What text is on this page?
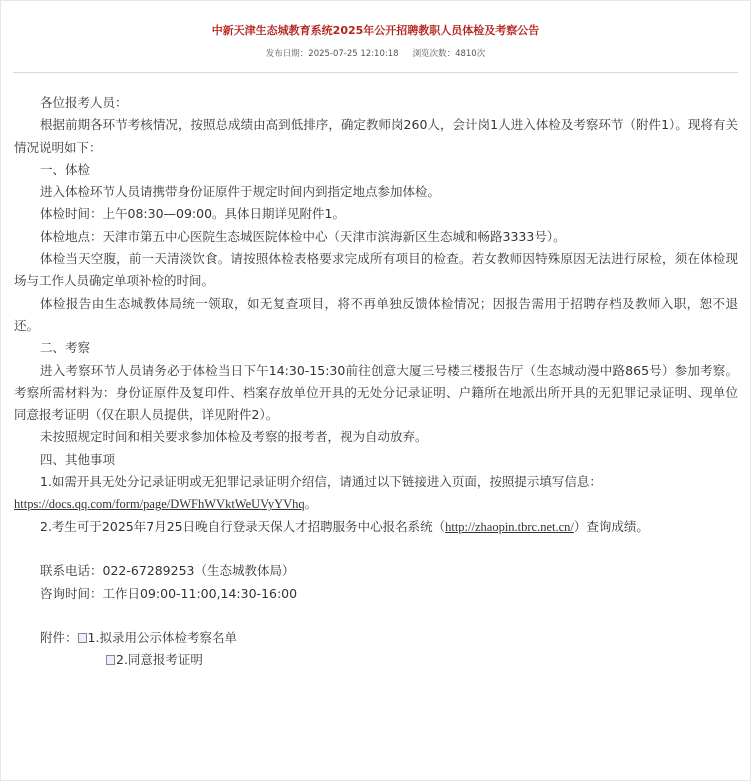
中新天津生态城教育系统2025年公开招聘教职人员体检及考察公告
发布日期：2025-07-25 12:10:18 浏览次数：4810次

各位报考人员：

根据前期各环节考核情况，按照总成绩由高到低排序，确定教师岗260人，会计岗1人进入体检及考察环节（附件1）。现将有关情况说明如下：

一、体检

进入体检环节人员请携带身份证原件于规定时间内到指定地点参加体检。

体检时间：上午08:30—09:00。具体日期详见附件1。

体检地点：天津市第五中心医院生态城医院体检中心（天津市滨海新区生态城和畅路3333号）。

体检当天空腹，前一天清淡饮食。请按照体检表格要求完成所有项目的检查。若女教师因特殊原因无法进行尿检，须在体检现场与工作人员确定单项补检的时间。

体检报告由生态城教体局统一领取，如无复查项目，将不再单独反馈体检情况；因报告需用于招聘存档及教师入职，恕不退还。

二、考察

进入考察环节人员请务必于体检当日下午14:30-15:30前往创意大厦三号楼三楼报告厅（生态城动漫中路865号）参加考察。考察所需材料为：身份证原件及复印件、档案存放单位开具的无处分记录证明、户籍所在地派出所开具的无犯罪记录证明、现单位同意报考证明（仅在职人员提供，详见附件2）。

未按照规定时间和相关要求参加体检及考察的报考者，视为自动放弃。

四、其他事项

1.如需开具无处分记录证明或无犯罪记录证明介绍信，请通过以下链接进入页面，按照提示填写信息：

https://docs.qq.com/form/page/DWFhWVktWeUVyYVhq。

2.考生可于2025年7月25日晚自行登录天保人才招聘服务中心报名系统（http://zhaopin.tbrc.net.cn/）查询成绩。

联系电话：022-67289253（生态城教体局）

咨询时间：工作日09:00-11:00,14:30-16:00

附件： 1.拟录用公示体检考察名单

2.同意报考证明
